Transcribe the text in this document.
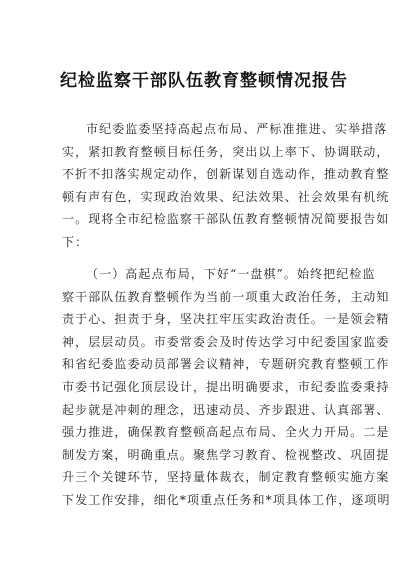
纪检监察干部队伍教育整顿情况报告
市纪委监委坚持高起点布局、严标准推进、实举措落
实，紧扣教育整顿目标任务，突出以上率下、协调联动，
不折不扣落实规定动作，创新谋划自选动作，推动教育整
顿有声有色，实现政治效果、纪法效果、社会效果有机统
一。现将全市纪检监察干部队伍教育整顿情况简要报告如
下：
（一）高起点布局，下好“一盘棋”。始终把纪检监
察干部队伍教育整顿作为当前一项重大政治任务，主动知
责于心、担责于身，坚决扛牢压实政治责任。一是领会精
神，层层动员。市委常委会及时传达学习中纪委国家监委
和省纪委监委动员部署会议精神，专题研究教育整顿工作
市委书记强化顶层设计，提出明确要求，市纪委监委秉持
起步就是冲刺的理念，迅速动员、齐步跟进、认真部署、
强力推进，确保教育整顿高起点布局、全火力开局。二是
制发方案，明确重点。聚焦学习教育、检视整改、巩固提
升三个关键环节，坚持量体裁衣，制定教育整顿实施方案
下发工作安排，细化*项重点任务和*项具体工作，逐项明
